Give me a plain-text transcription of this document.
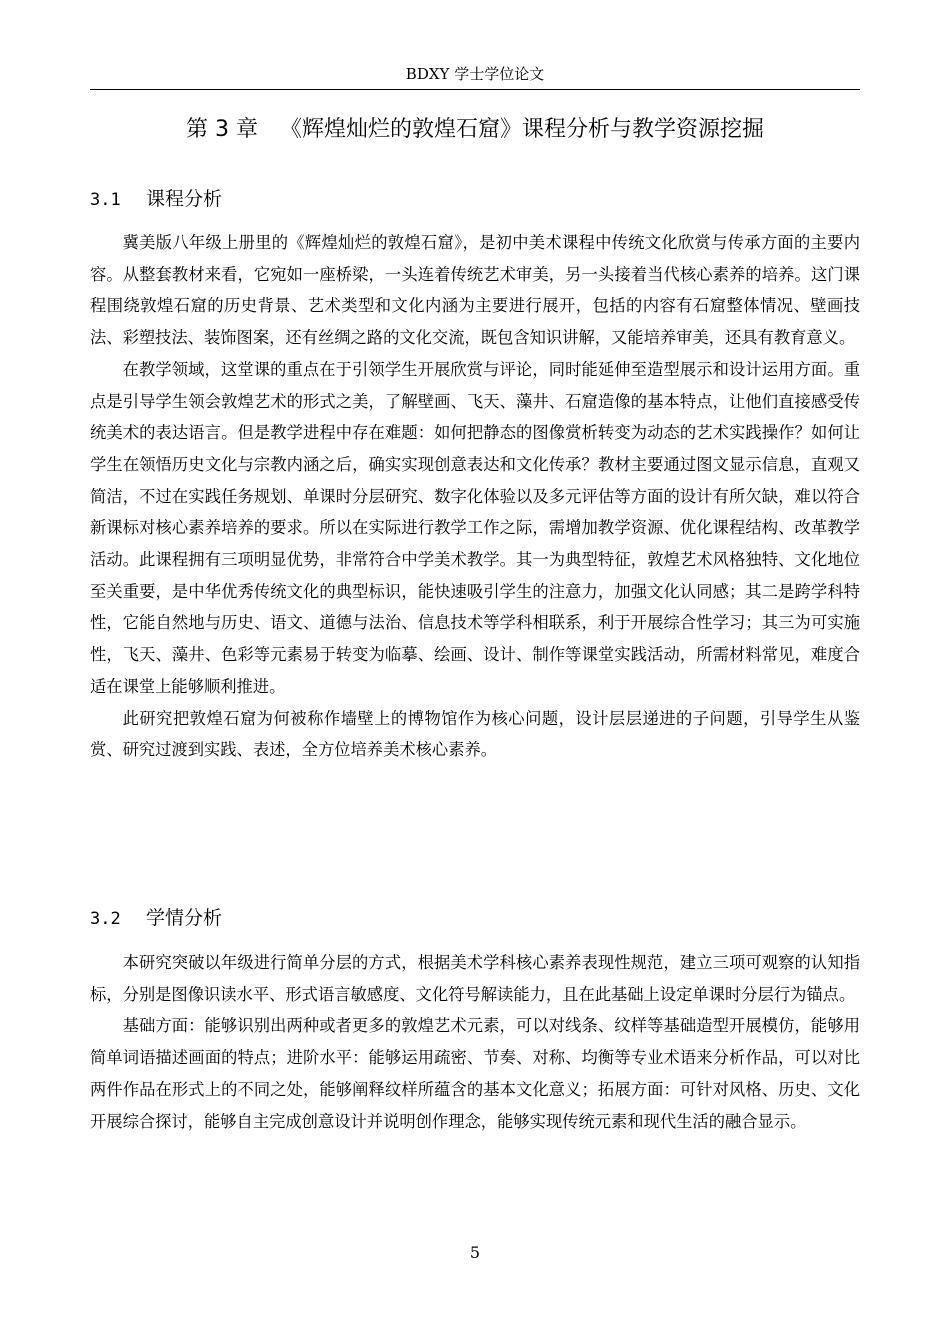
BDXY 学士学位论文
第 3 章 《辉煌灿烂的敦煌石窟》课程分析与教学资源挖掘
3.1 课程分析

冀美版八年级上册里的《辉煌灿烂的敦煌石窟》，是初中美术课程中传统文化欣赏与传承方面的主要内容。从整套教材来看，它宛如一座桥梁，一头连着传统艺术审美，另一头接着当代核心素养的培养。这门课程围绕敦煌石窟的历史背景、艺术类型和文化内涵为主要进行展开，包括的内容有石窟整体情况、壁画技法、彩塑技法、装饰图案，还有丝绸之路的文化交流，既包含知识讲解，又能培养审美，还具有教育意义。

在教学领域，这堂课的重点在于引领学生开展欣赏与评论，同时能延伸至造型展示和设计运用方面。重点是引导学生领会敦煌艺术的形式之美，了解壁画、飞天、藻井、石窟造像的基本特点，让他们直接感受传统美术的表达语言。但是教学进程中存在难题：如何把静态的图像赏析转变为动态的艺术实践操作？如何让学生在领悟历史文化与宗教内涵之后，确实实现创意表达和文化传承？教材主要通过图文显示信息，直观又简洁，不过在实践任务规划、单课时分层研究、数字化体验以及多元评估等方面的设计有所欠缺，难以符合新课标对核心素养培养的要求。所以在实际进行教学工作之际，需增加教学资源、优化课程结构、改革教学活动。此课程拥有三项明显优势，非常符合中学美术教学。其一为典型特征，敦煌艺术风格独特、文化地位至关重要，是中华优秀传统文化的典型标识，能快速吸引学生的注意力，加强文化认同感；其二是跨学科特性，它能自然地与历史、语文、道德与法治、信息技术等学科相联系，利于开展综合性学习；其三为可实施性，飞天、藻井、色彩等元素易于转变为临摹、绘画、设计、制作等课堂实践活动，所需材料常见，难度合适在课堂上能够顺利推进。

此研究把敦煌石窟为何被称作墙壁上的博物馆作为核心问题，设计层层递进的子问题，引导学生从鉴赏、研究过渡到实践、表述，全方位培养美术核心素养。

3.2 学情分析

本研究突破以年级进行简单分层的方式，根据美术学科核心素养表现性规范，建立三项可观察的认知指标，分别是图像识读水平、形式语言敏感度、文化符号解读能力，且在此基础上设定单课时分层行为锚点。

基础方面：能够识别出两种或者更多的敦煌艺术元素，可以对线条、纹样等基础造型开展模仿，能够用简单词语描述画面的特点；进阶水平：能够运用疏密、节奏、对称、均衡等专业术语来分析作品，可以对比两件作品在形式上的不同之处，能够阐释纹样所蕴含的基本文化意义；拓展方面：可针对风格、历史、文化开展综合探讨，能够自主完成创意设计并说明创作理念，能够实现传统元素和现代生活的融合显示。

5
